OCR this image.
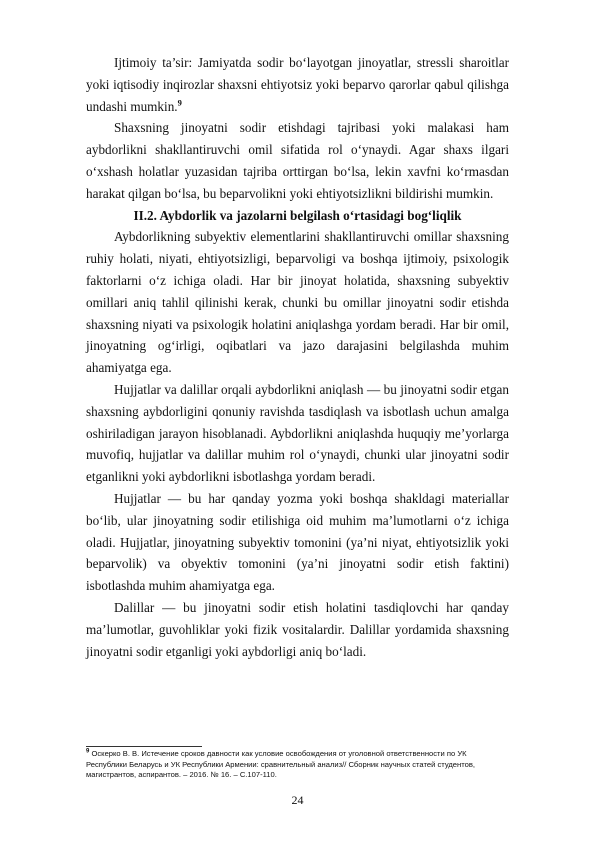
Ijtimoiy ta’sir: Jamiyatda sodir bo‘layotgan jinoyatlar, stressli sharoitlar yoki iqtisodiy inqirozlar shaxsni ehtiyotsiz yoki beparvo qarorlar qabul qilishga undashi mumkin.$^9$

Shaxsning jinoyatni sodir etishdagi tajribasi yoki malakasi ham aybdorlikni shakllantiruvchi omil sifatida rol oʻynaydi. Agar shaxs ilgari oʻxshash holatlar yuzasidan tajriba orttirgan boʻlsa, lekin xavfni koʻrmasdan harakat qilgan boʻlsa, bu beparvolikni yoki ehtiyotsizlikni bildirishi mumkin.

II.2. Aybdorlik va jazolarni belgilash oʻrtasidagi bogʻliqlik

Aybdorlikning subyektiv elementlarini shakllantiruvchi omillar shaxsning ruhiy holati, niyati, ehtiyotsizligi, beparvoligi va boshqa ijtimoiy, psixologik faktorlarni oʻz ichiga oladi. Har bir jinoyat holatida, shaxsning subyektiv omillari aniq tahlil qilinishi kerak, chunki bu omillar jinoyatni sodir etishda shaxsning niyati va psixologik holatini aniqlashga yordam beradi. Har bir omil, jinoyatning ogʻirligi, oqibatlari va jazo darajasini belgilashda muhim ahamiyatga ega.

Hujjatlar va dalillar orqali aybdorlikni aniqlash — bu jinoyatni sodir etgan shaxsning aybdorligini qonuniy ravishda tasdiqlash va isbotlash uchun amalga oshiriladigan jarayon hisoblanadi. Aybdorlikni aniqlashda huquqiy meʼyorlarga muvofiq, hujjatlar va dalillar muhim rol oʻynaydi, chunki ular jinoyatni sodir etganlikni yoki aybdorlikni isbotlashga yordam beradi.

Hujjatlar — bu har qanday yozma yoki boshqa shakldagi materiallar boʻlib, ular jinoyatning sodir etilishiga oid muhim maʼlumotlarni oʻz ichiga oladi. Hujjatlar, jinoyatning subyektiv tomonini (yaʼni niyat, ehtiyotsizlik yoki beparvolik) va obyektiv tomonini (yaʼni jinoyatni sodir etish faktini) isbotlashda muhim ahamiyatga ega.

Dalillar — bu jinoyatni sodir etish holatini tasdiqlovchi har qanday maʼlumotlar, guvohliklar yoki fizik vositalardir. Dalillar yordamida shaxsning jinoyatni sodir etganligi yoki aybdorligi aniq boʻladi.

$^9$ Оскерко В. В. Истечение сроков давности как условие освобождения от уголовной ответственности по УК Республики Беларусь и УК Республики Армении: сравнительный анализ// Сборник научных статей студентов, магистрантов, аспирантов. – 2016. № 16. – С.107-110.

24
